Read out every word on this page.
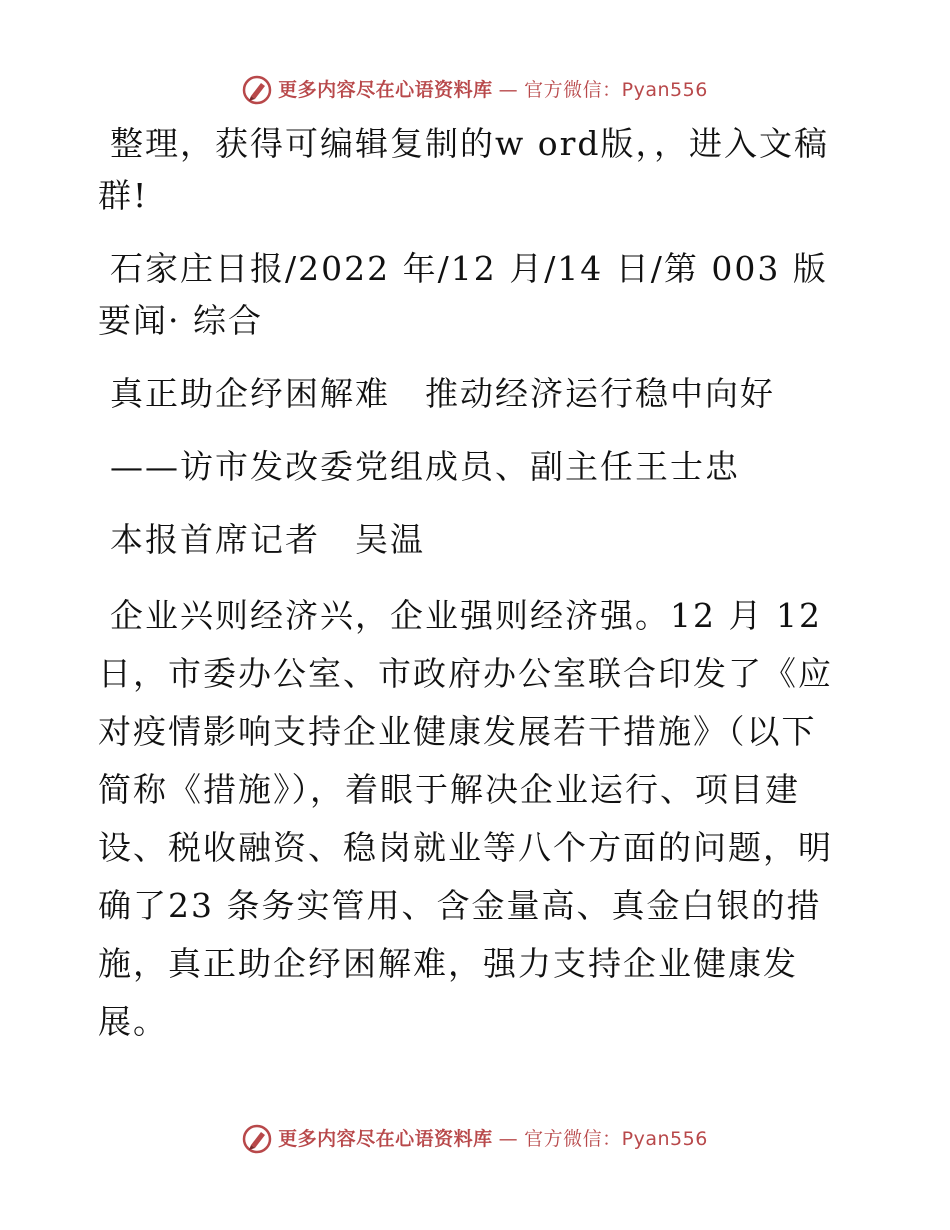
更多内容尽在心语资料库 — 官方微信：Pyan556

整理，获得可编辑复制的w ord版，，进入文稿群!

石家庄日报/2022 年/12 月/14 日/第 003 版要闻· 综合

真正助企纾困解难　推动经济运行稳中向好

——访市发改委党组成员、副主任王士忠

本报首席记者　吴温

企业兴则经济兴，企业强则经济强。12 月 12 日，市委办公室、市政府办公室联合印发了《应对疫情影响支持企业健康发展若干措施》（以下简称《措施》），着眼于解决企业运行、项目建设、税收融资、稳岗就业等八个方面的问题，明确了23 条务实管用、含金量高、真金白银的措施，真正助企纾困解难，强力支持企业健康发展。

更多内容尽在心语资料库 — 官方微信：Pyan556
